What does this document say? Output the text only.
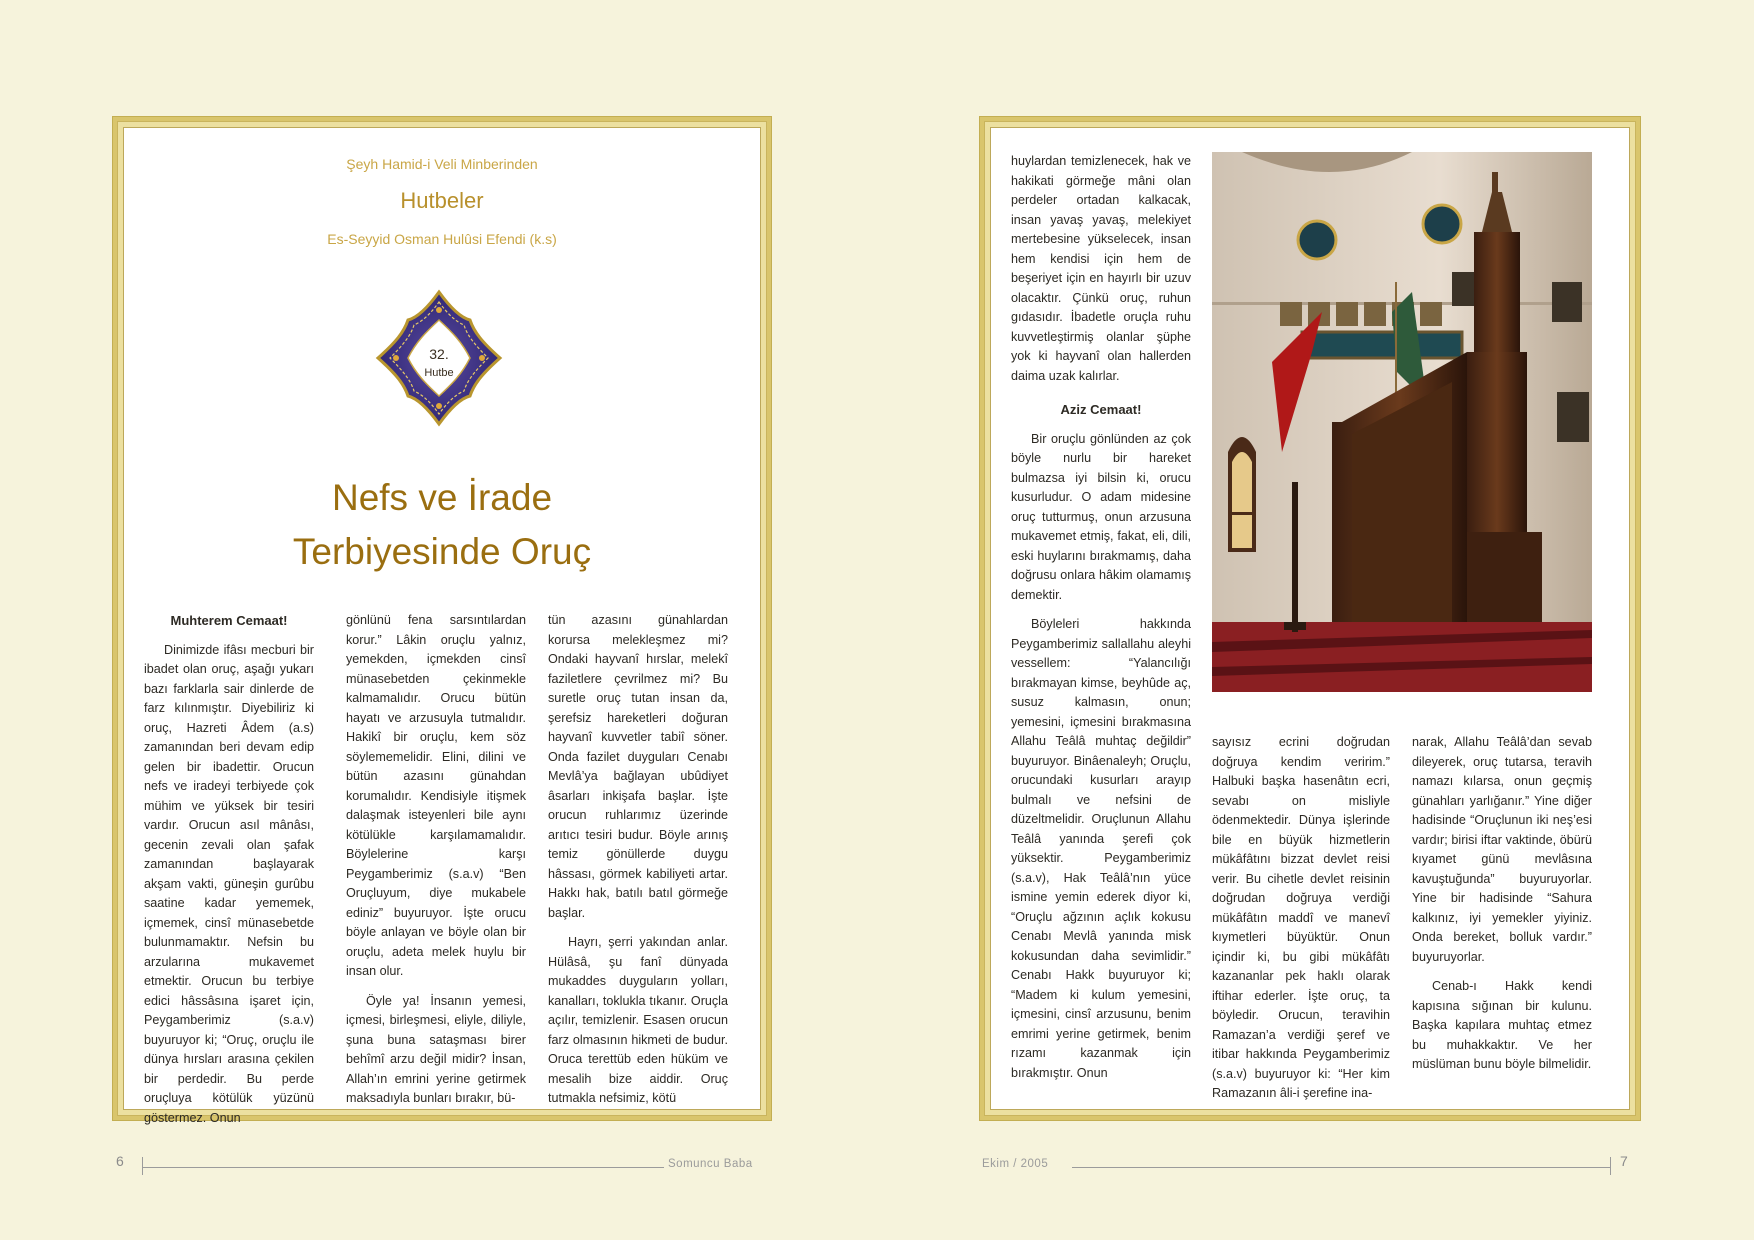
Şeyh Hamid-i Veli Minberinden
Hutbeler
Es-Seyyid Osman Hulûsi Efendi (k.s)
32.
Hutbe
Nefs ve İrade
Terbiyesinde Oruç

Muhterem Cemaat!

Dinimizde ifâsı mecburi bir ibadet olan oruç, aşağı yukarı bazı farklarla sair dinlerde de farz kılınmıştır. Diyebiliriz ki oruç, Hazreti Âdem (a.s) zamanından beri devam edip gelen bir ibadettir. Orucun nefs ve iradeyi terbiyede çok mühim ve yüksek bir tesiri vardır. Orucun asıl mânâsı, gecenin zevali olan şafak zamanından başlayarak akşam vakti, güneşin gurûbu saatine kadar yememek, içmemek, cinsî münasebetde bulunmamaktır. Nefsin bu arzularına mukavemet etmektir. Orucun bu terbiye edici hâssâsına işaret için, Peygamberimiz (s.a.v) buyuruyor ki; “Oruç, oruçlu ile dünya hırsları arasına çekilen bir perdedir. Bu perde oruçluya kötülük yüzünü göstermez. Onun

gönlünü fena sarsıntılardan korur.” Lâkin oruçlu yalnız, yemekden, içmekden cinsî münasebetden çekinmekle kalmamalıdır. Orucu bütün hayatı ve arzusuyla tutmalıdır. Hakikî bir oruçlu, kem söz söylememelidir. Elini, dilini ve bütün azasını günahdan korumalıdır. Kendisiyle itişmek dalaşmak isteyenleri bile aynı kötülükle karşılamamalıdır. Böylelerine karşı Peygamberimiz (s.a.v) “Ben Oruçluyum, diye mukabele ediniz” buyuruyor. İşte orucu böyle anlayan ve böyle olan bir oruçlu, adeta melek huylu bir insan olur.

Öyle ya! İnsanın yemesi, içmesi, birleşmesi, eliyle, diliyle, şuna buna sataşması birer behîmî arzu değil midir? İnsan, Allah’ın emrini yerine getirmek maksadıyla bunları bırakır, bü-

tün azasını günahlardan korursa melekleşmez mi? Ondaki hayvanî hırslar, melekî faziletlere çevrilmez mi? Bu suretle oruç tutan insan da, şerefsiz hareketleri doğuran hayvanî kuvvetler tabiî söner. Onda fazilet duyguları Cenabı Mevlâ’ya bağlayan ubûdiyet âsarları inkişafa başlar. İşte orucun ruhlarımız üzerinde arıtıcı tesiri budur. Böyle arınış temiz gönüllerde duygu hâssası, görmek kabiliyeti artar. Hakkı hak, batılı batıl görmeğe başlar.

Hayrı, şerri yakından anlar. Hülâsâ, şu fanî dünyada mukaddes duyguların yolları, kanalları, toklukla tıkanır. Oruçla açılır, temizlenir. Esasen orucun farz olmasının hikmeti de budur. Oruca terettüb eden hüküm ve mesalih bize aiddir. Oruç tutmakla nefsimiz, kötü

huylardan temizlenecek, hak ve hakikati görmeğe mâni olan perdeler ortadan kalkacak, insan yavaş yavaş, melekiyet mertebesine yükselecek, insan hem kendisi için hem de beşeriyet için en hayırlı bir uzuv olacaktır. Çünkü oruç, ruhun gıdasıdır. İbadetle oruçla ruhu kuvvetleştirmiş olanlar şüphe yok ki hayvanî olan hallerden daima uzak kalırlar.

Aziz Cemaat!

Bir oruçlu gönlünden az çok böyle nurlu bir hareket bulmazsa iyi bilsin ki, orucu kusurludur. O adam midesine oruç tutturmuş, onun arzusuna mukavemet etmiş, fakat, eli, dili, eski huylarını bırakmamış, daha doğrusu onlara hâkim olamamış demektir.

Böyleleri hakkında Peygamberimiz sallallahu aleyhi vessellem: “Yalancılığı bırakmayan kimse, beyhûde aç, susuz kalmasın, onun; yemesini, içmesini bırakmasına Allahu Teâlâ muhtaç değildir” buyuruyor. Binâenaleyh; Oruçlu, orucundaki kusurları arayıp bulmalı ve nefsini de düzeltmelidir. Oruçlunun Allahu Teâlâ yanında şerefi çok yüksektir. Peygamberimiz (s.a.v), Hak Teâlâ’nın yüce ismine yemin ederek diyor ki, “Oruçlu ağzının açlık kokusu Cenabı Mevlâ yanında misk kokusundan daha sevimlidir.” Cenabı Hakk buyuruyor ki; “Madem ki kulum yemesini, içmesini, cinsî arzusunu, benim emrimi yerine getirmek, benim rızamı kazanmak için bırakmıştır. Onun

sayısız ecrini doğrudan doğruya kendim veririm.” Halbuki başka hasenâtın ecri, sevabı on misliyle ödenmektedir. Dünya işlerinde bile en büyük hizmetlerin mükâfâtını bizzat devlet reisi verir. Bu cihetle devlet reisinin doğrudan doğruya verdiği mükâfâtın maddî ve manevî kıymetleri büyüktür. Onun içindir ki, bu gibi mükâfâtı kazananlar pek haklı olarak iftihar ederler. İşte oruç, ta böyledir. Orucun, teravihin Ramazan’a verdiği şeref ve itibar hakkında Peygamberimiz (s.a.v) buyuruyor ki: “Her kim Ramazanın âli-i şerefine ina-

narak, Allahu Teâlâ’dan sevab dileyerek, oruç tutarsa, teravih namazı kılarsa, onun geçmiş günahları yarlığanır.” Yine diğer hadisinde “Oruçlunun iki neş’esi vardır; birisi iftar vaktinde, öbürü kıyamet günü mevlâsına kavuştuğunda” buyuruyorlar. Yine bir hadisinde “Sahura kalkınız, iyi yemekler yiyiniz. Onda bereket, bolluk vardır.” buyuruyorlar.

Cenab-ı Hakk kendi kapısına sığınan bir kulunu. Başka kapılara muhtaç etmez bu muhakkaktır. Ve her müslüman bunu böyle bilmelidir.

6	Somuncu Baba	Ekim / 2005	7
